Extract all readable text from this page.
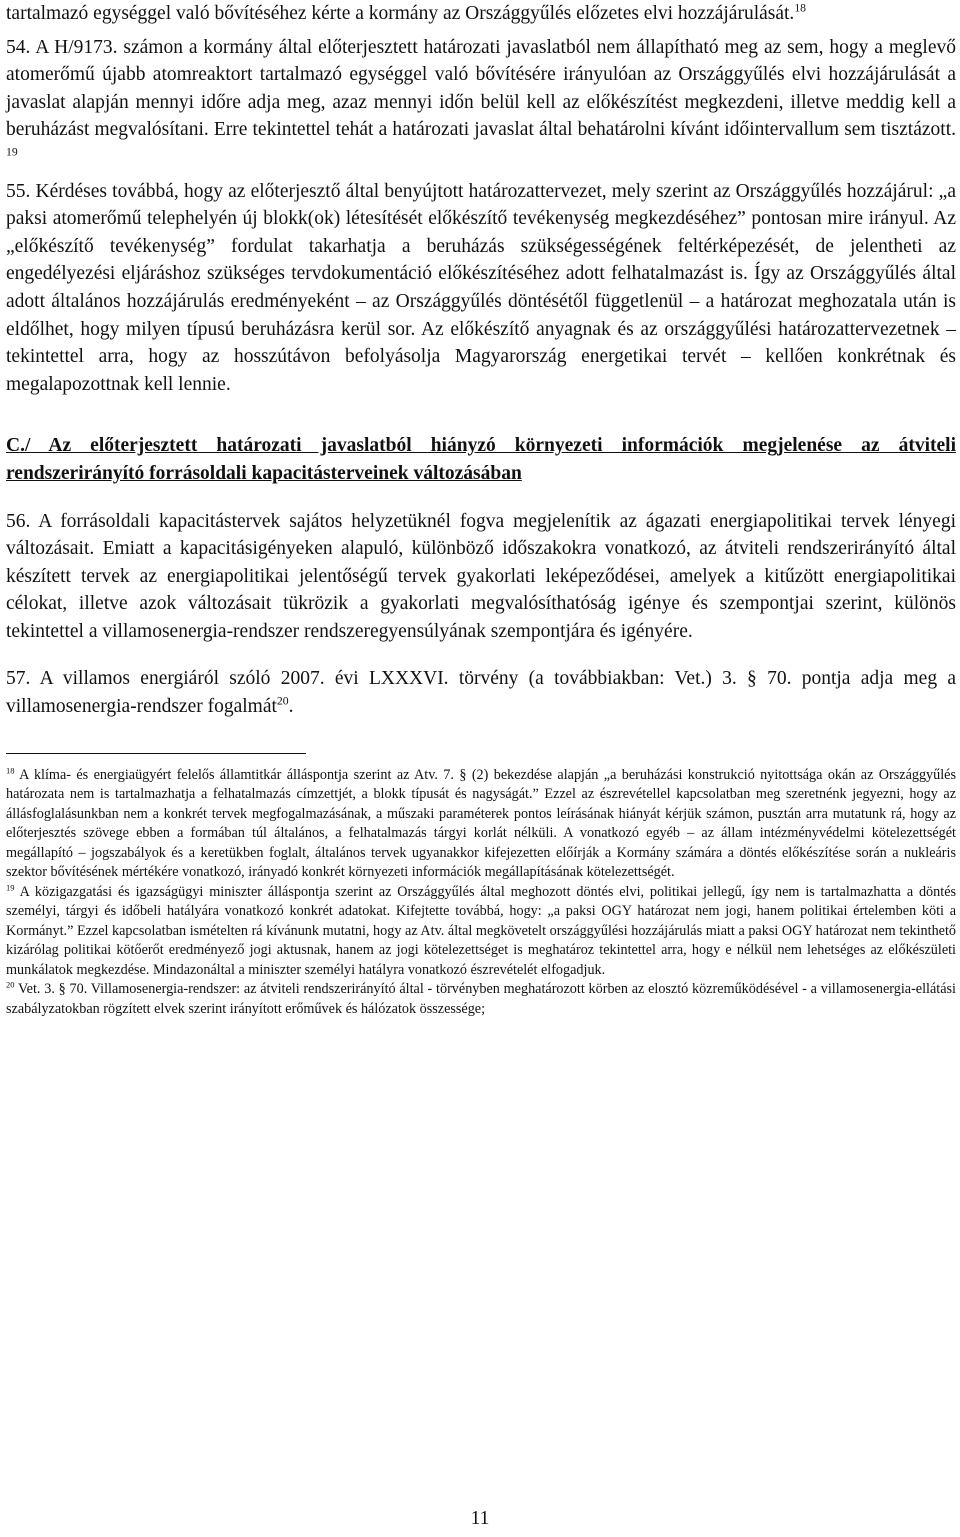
tartalmazó egységgel való bővítéséhez kérte a kormány az Országgyűlés előzetes elvi hozzájárulását.$^{18}$

54. A H/9173. számon a kormány által előterjesztett határozati javaslatból nem állapítható meg az sem, hogy a meglevő atomerőmű újabb atomreaktort tartalmazó egységgel való bővítésére irányulóan az Országgyűlés elvi hozzájárulását a javaslat alapján mennyi időre adja meg, azaz mennyi időn belül kell az előkészítést megkezdeni, illetve meddig kell a beruházást megvalósítani. Erre tekintettel tehát a határozati javaslat által behatárolni kívánt időintervallum sem tisztázott. $^{19}$

55. Kérdéses továbbá, hogy az előterjesztő által benyújtott határozattervezet, mely szerint az Országgyűlés hozzájárul: „a paksi atomerőmű telephelyén új blokk(ok) létesítését előkészítő tevékenység megkezdéséhez” pontosan mire irányul. Az „előkészítő tevékenység” fordulat takarhatja a beruházás szükségességének feltérképezését, de jelentheti az engedélyezési eljáráshoz szükséges tervdokumentáció előkészítéséhez adott felhatalmazást is. Így az Országgyűlés által adott általános hozzájárulás eredményeként – az Országgyűlés döntésétől függetlenül – a határozat meghozatala után is eldőlhet, hogy milyen típusú beruházásra kerül sor. Az előkészítő anyagnak és az országgyűlési határozattervezetnek – tekintettel arra, hogy az hosszútávon befolyásolja Magyarország energetikai tervét – kellően konkrétnak és megalapozottnak kell lennie.

C./ Az előterjesztett határozati javaslatból hiányzó környezeti információk megjelenése az átviteli rendszerirányító forrásoldali kapacitásterveinek változásában

56. A forrásoldali kapacitástervek sajátos helyzetüknél fogva megjelenítik az ágazati energiapolitikai tervek lényegi változásait. Emiatt a kapacitásigényeken alapuló, különböző időszakokra vonatkozó, az átviteli rendszerirányító által készített tervek az energiapolitikai jelentőségű tervek gyakorlati leképeződései, amelyek a kitűzött energiapolitikai célokat, illetve azok változásait tükrözik a gyakorlati megvalósíthatóság igénye és szempontjai szerint, különös tekintettel a villamosenergia-rendszer rendszeregyensúlyának szempontjára és igényére.

57. A villamos energiáról szóló 2007. évi LXXXVI. törvény (a továbbiakban: Vet.) 3. § 70. pontja adja meg a villamosenergia-rendszer fogalmát$^{20}$.

$^{18}$ A klíma- és energiaügyért felelős államtitkár álláspontja szerint az Atv. 7. § (2) bekezdése alapján „a beruházási konstrukció nyitottsága okán az Országgyűlés határozata nem is tartalmazhatja a felhatalmazás címzettjét, a blokk típusát és nagyságát.” Ezzel az észrevétellel kapcsolatban meg szeretnénk jegyezni, hogy az állásfoglalásunkban nem a konkrét tervek megfogalmazásának, a műszaki paraméterek pontos leírásának hiányát kérjük számon, pusztán arra mutatunk rá, hogy az előterjesztés szövege ebben a formában túl általános, a felhatalmazás tárgyi korlát nélküli. A vonatkozó egyéb – az állam intézményvédelmi kötelezettségét megállapító – jogszabályok és a keretükben foglalt, általános tervek ugyanakkor kifejezetten előírják a Kormány számára a döntés előkészítése során a nukleáris szektor bővítésének mértékére vonatkozó, irányadó konkrét környezeti információk megállapításának kötelezettségét.

$^{19}$ A közigazgatási és igazságügyi miniszter álláspontja szerint az Országgyűlés által meghozott döntés elvi, politikai jellegű, így nem is tartalmazhatta a döntés személyi, tárgyi és időbeli hatályára vonatkozó konkrét adatokat. Kifejtette továbbá, hogy: „a paksi OGY határozat nem jogi, hanem politikai értelemben köti a Kormányt.” Ezzel kapcsolatban ismételten rá kívánunk mutatni, hogy az Atv. által megkövetelt országgyűlési hozzájárulás miatt a paksi OGY határozat nem tekinthető kizárólag politikai kötőerőt eredményező jogi aktusnak, hanem az jogi kötelezettséget is meghatároz tekintettel arra, hogy e nélkül nem lehetséges az előkészületi munkálatok megkezdése. Mindazonáltal a miniszter személyi hatályra vonatkozó észrevételét elfogadjuk.

$^{20}$ Vet. 3. § 70. Villamosenergia-rendszer: az átviteli rendszerirányító által - törvényben meghatározott körben az elosztó közreműködésével - a villamosenergia-ellátási szabályzatokban rögzített elvek szerint irányított erőművek és hálózatok összessége;

11
